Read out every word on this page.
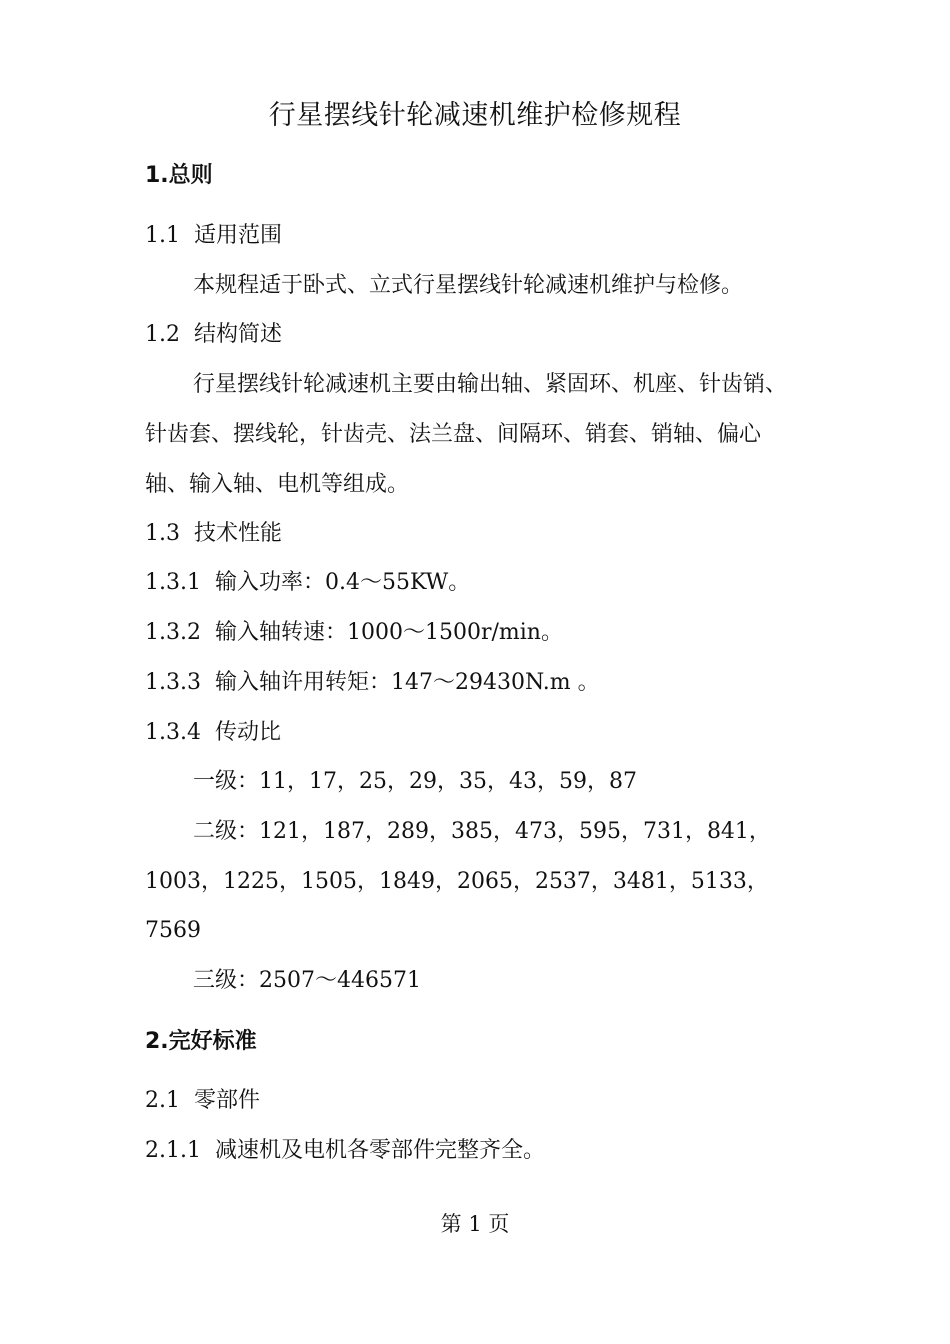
行星摆线针轮减速机维护检修规程
1.总则
1.1 适用范围
本规程适于卧式、立式行星摆线针轮减速机维护与检修。
1.2 结构简述
行星摆线针轮减速机主要由输出轴、紧固环、机座、针齿销、
针齿套、摆线轮，针齿壳、法兰盘、间隔环、销套、销轴、偏心
轴、输入轴、电机等组成。
1.3 技术性能
1.3.1 输入功率：0.4～55KW。
1.3.2 输入轴转速：1000～1500r/min。
1.3.3 输入轴许用转矩：147～29430N.m 。
1.3.4 传动比
一级：11，17，25，29，35，43，59，87
二级：121，187，289，385，473，595，731，841，
1003，1225，1505，1849，2065，2537，3481，5133，
7569
三级：2507～446571
2.完好标准
2.1 零部件
2.1.1 减速机及电机各零部件完整齐全。
第 1 页
